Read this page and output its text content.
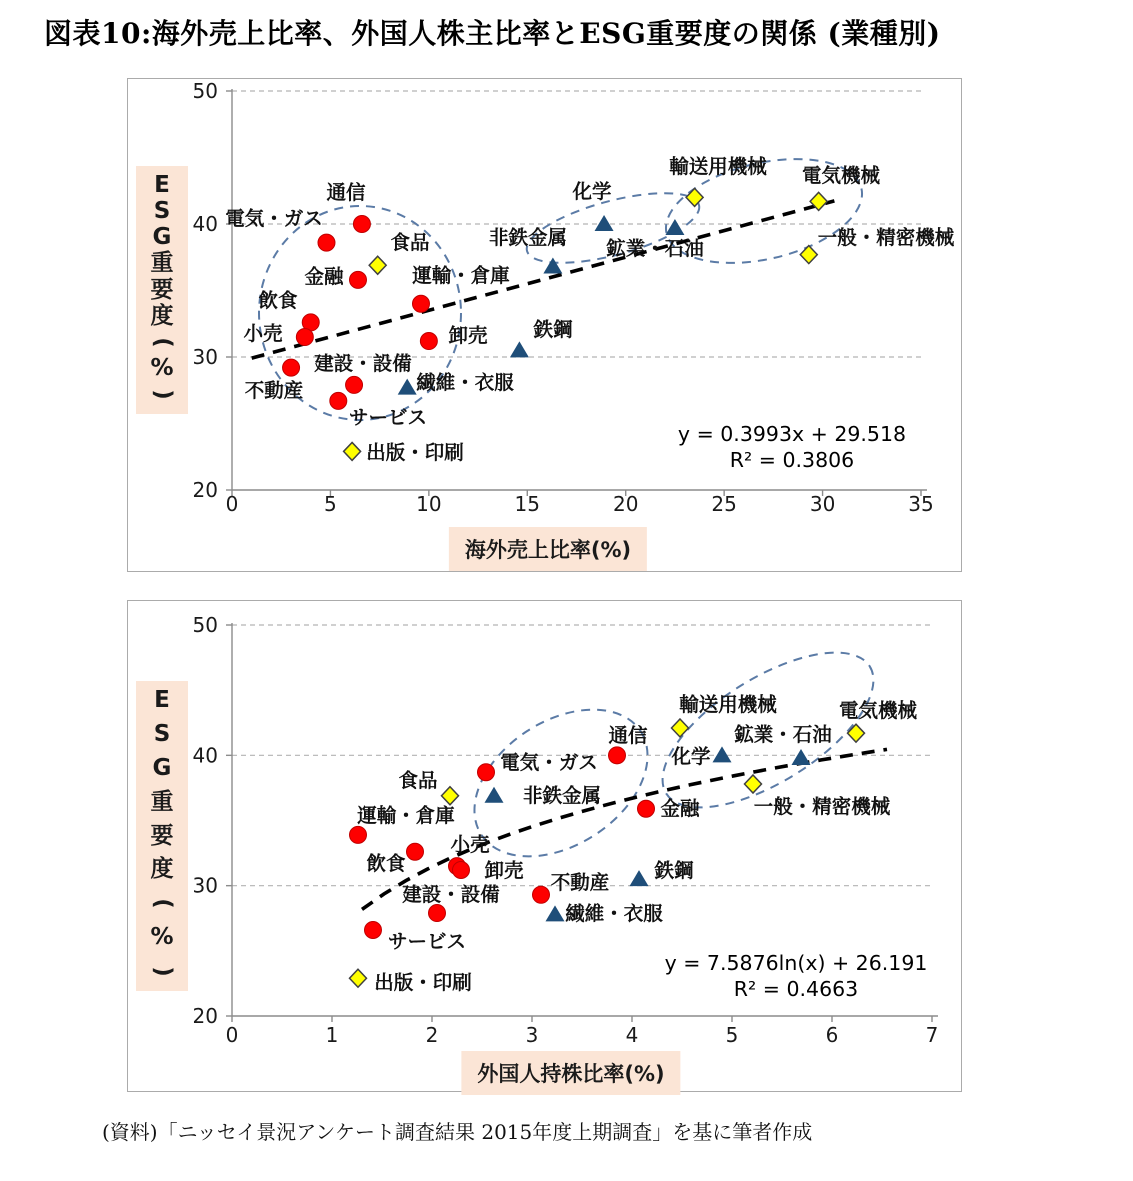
図表10:海外売上比率、外国人株主比率とESG重要度の関係 (業種別)
20
30
40
50
0	5	10	15	20	25	30	35
通信
電気・ガス
食品
金融	運輸・倉庫
飲食
小売	卸売
不動産
建設・設備
サービス
繊維・衣服
出版・印刷
鉄鋼
非鉄金属
化学
鉱業・石油
輸送用機械 電気機械
一般・精密機械
y = 0.3993x + 29.518
R² = 0.3806
E
S
G
重
要
度
(
%
)
海外売上比率(%)
20
30
40
50
0	1	2	3	4	5	6	7
通信
電気・ガス
食品
非鉄金属
金融
運輸・倉庫
飲食
小売
卸売
建設・設備
不動産
繊維・衣服
サービス
出版・印刷
鉄鋼
化学
鉱業・石油
輸送用機械
一般・精密機械
電気機械
y = 7.5876ln(x) + 26.191
R² = 0.4663
E
S
G
重
要
度
(
%
)
外国人持株比率(%)
(資料)「ニッセイ景況アンケート調査結果 2015年度上期調査」を基に筆者作成
